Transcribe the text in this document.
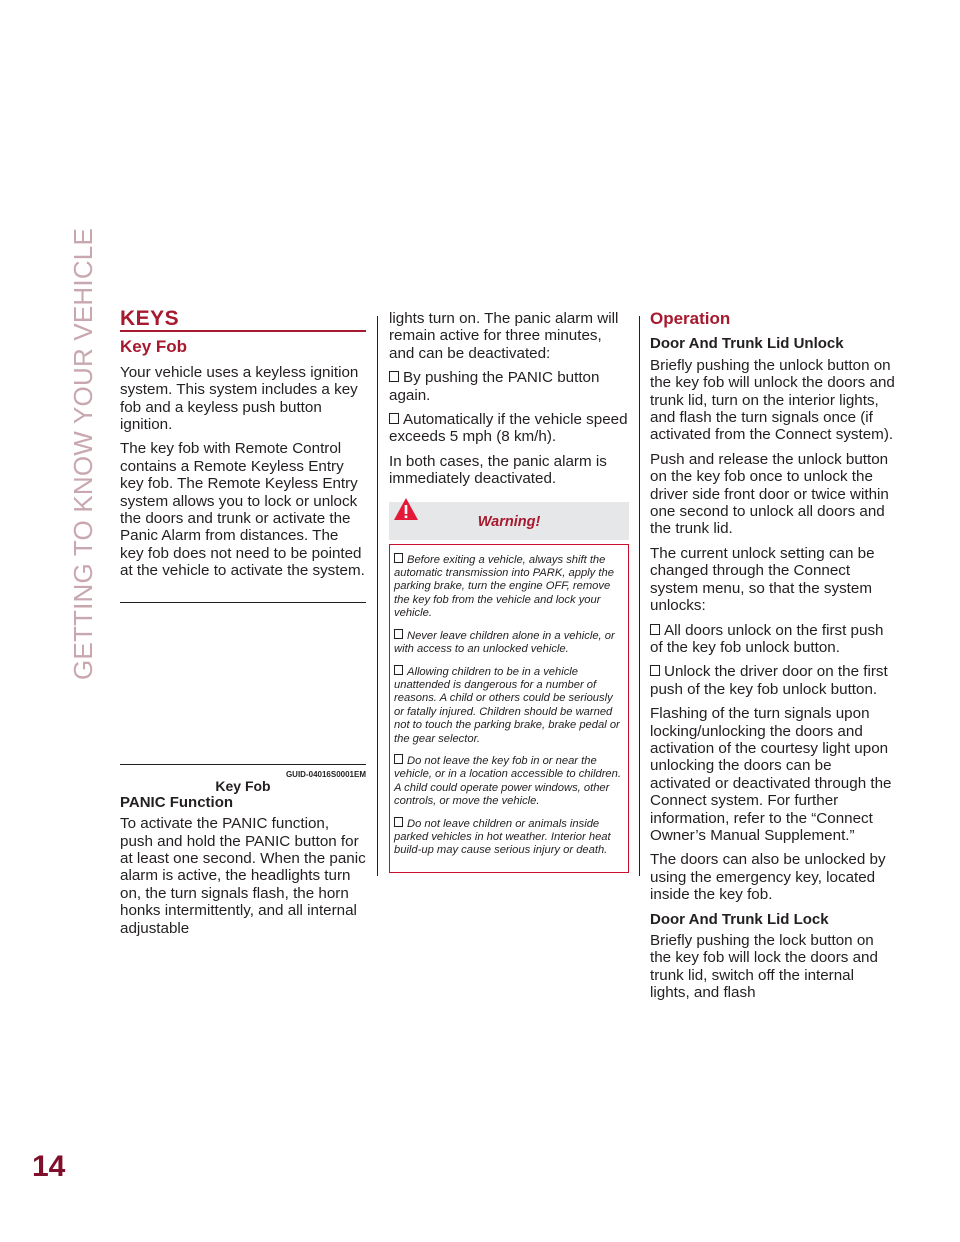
GETTING TO KNOW YOUR VEHICLE
14
KEYS
Key Fob

Your vehicle uses a keyless ignition system. This system includes a key fob and a keyless push button ignition.

The key fob with Remote Control contains a Remote Keyless Entry key fob. The Remote Keyless Entry system allows you to lock or unlock the doors and trunk or activate the Panic Alarm from distances. The key fob does not need to be pointed at the vehicle to activate the system.

GUID-04016S0001EM
Key Fob
PANIC Function

To activate the PANIC function, push and hold the PANIC button for at least one second. When the panic alarm is active, the headlights turn on, the turn signals flash, the horn honks intermittently, and all internal adjustable

lights turn on. The panic alarm will remain active for three minutes, and can be deactivated:

By pushing the PANIC button again.
Automatically if the vehicle speed exceeds 5 mph (8 km/h).

In both cases, the panic alarm is immediately deactivated.

Warning!
Before exiting a vehicle, always shift the automatic transmission into PARK, apply the parking brake, turn the engine OFF, remove the key fob from the vehicle and lock your vehicle.
Never leave children alone in a vehicle, or with access to an unlocked vehicle.
Allowing children to be in a vehicle unattended is dangerous for a number of reasons. A child or others could be seriously or fatally injured. Children should be warned not to touch the parking brake, brake pedal or the gear selector.
Do not leave the key fob in or near the vehicle, or in a location accessible to children. A child could operate power windows, other controls, or move the vehicle.
Do not leave children or animals inside parked vehicles in hot weather. Interior heat build-up may cause serious injury or death.
Operation
Door And Trunk Lid Unlock

Briefly pushing the unlock button on the key fob will unlock the doors and trunk lid, turn on the interior lights, and flash the turn signals once (if activated from the Connect system).

Push and release the unlock button on the key fob once to unlock the driver side front door or twice within one second to unlock all doors and the trunk lid.

The current unlock setting can be changed through the Connect system menu, so that the system unlocks:

All doors unlock on the first push of the key fob unlock button.
Unlock the driver door on the first push of the key fob unlock button.

Flashing of the turn signals upon locking/unlocking the doors and activation of the courtesy light upon unlocking the doors can be activated or deactivated through the Connect system. For further information, refer to the “Connect Owner’s Manual Supplement.”

The doors can also be unlocked by using the emergency key, located inside the key fob.

Door And Trunk Lid Lock

Briefly pushing the lock button on the key fob will lock the doors and trunk lid, switch off the internal lights, and flash
